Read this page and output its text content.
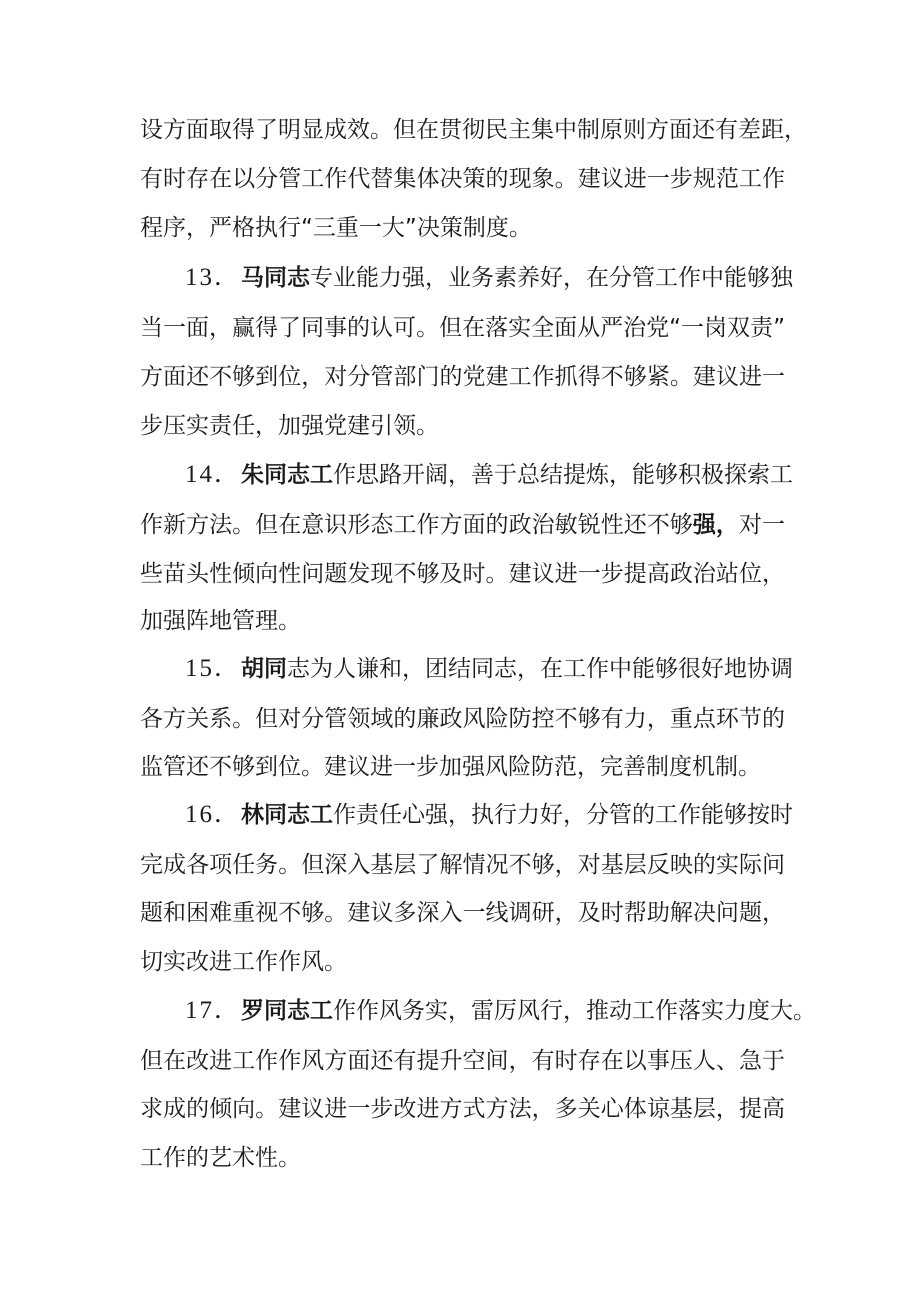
设方面取得了明显成效。但在贯彻民主集中制原则方面还有差距，
有时存在以分管工作代替集体决策的现象。建议进一步规范工作
程序，严格执行“三重一大”决策制度。
13．马同志专业能力强，业务素养好，在分管工作中能够独
当一面，赢得了同事的认可。但在落实全面从严治党“一岗双责”
方面还不够到位，对分管部门的党建工作抓得不够紧。建议进一
步压实责任，加强党建引领。
14．朱同志工作思路开阔，善于总结提炼，能够积极探索工
作新方法。但在意识形态工作方面的政治敏锐性还不够强，对一
些苗头性倾向性问题发现不够及时。建议进一步提高政治站位，
加强阵地管理。
15．胡同志为人谦和，团结同志，在工作中能够很好地协调
各方关系。但对分管领域的廉政风险防控不够有力，重点环节的
监管还不够到位。建议进一步加强风险防范，完善制度机制。
16．林同志工作责任心强，执行力好，分管的工作能够按时
完成各项任务。但深入基层了解情况不够，对基层反映的实际问
题和困难重视不够。建议多深入一线调研，及时帮助解决问题，
切实改进工作作风。
17．罗同志工作作风务实，雷厉风行，推动工作落实力度大。
但在改进工作作风方面还有提升空间，有时存在以事压人、急于
求成的倾向。建议进一步改进方式方法，多关心体谅基层，提高
工作的艺术性。
